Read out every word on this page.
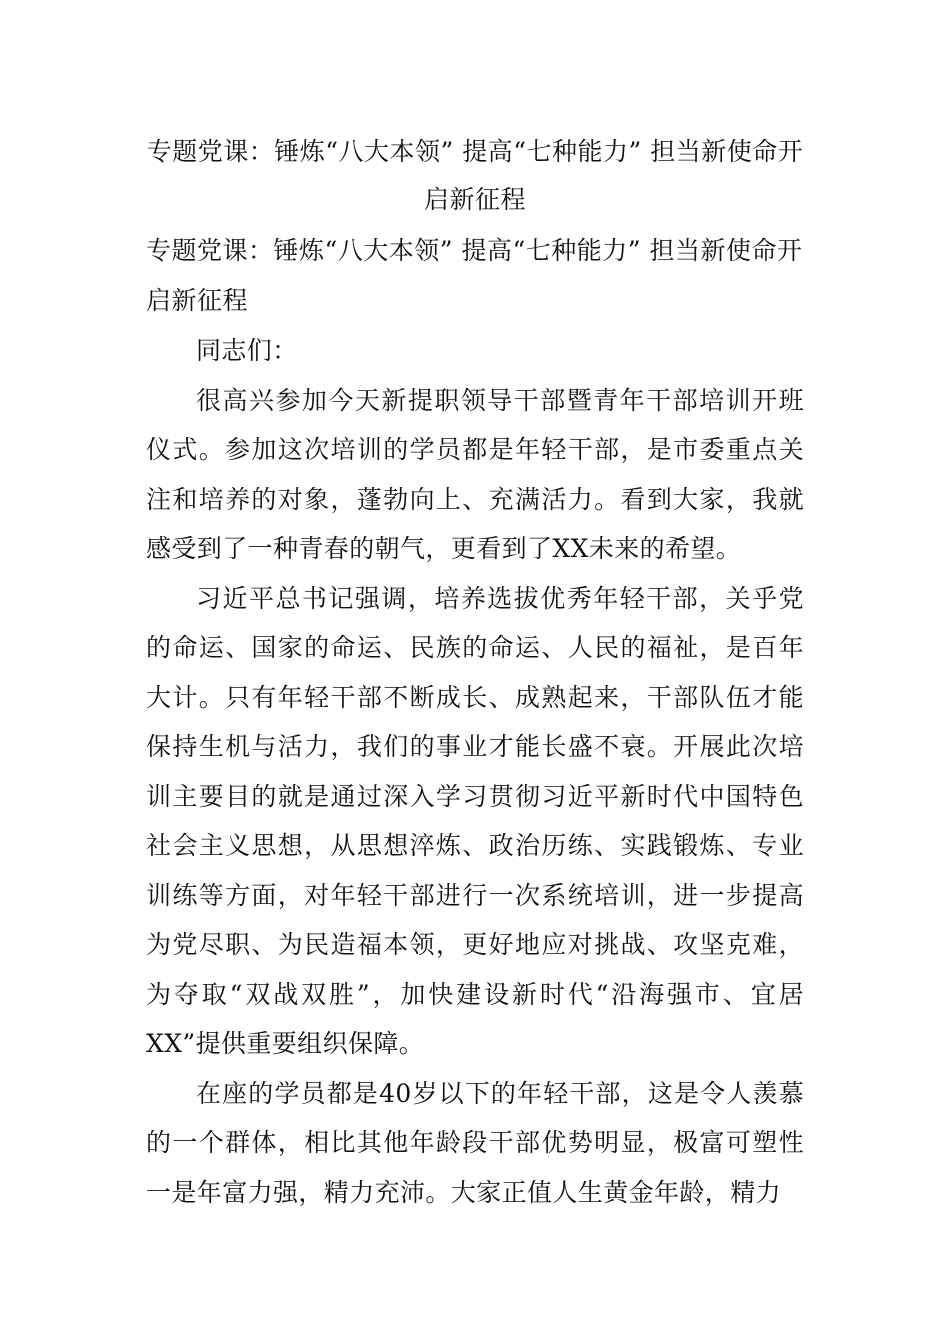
专题党课：锤炼“八大本领” 提高“七种能力” 担当新使命开启新征程

专题党课：锤炼“八大本领” 提高“七种能力” 担当新使命开启新征程

同志们：

很高兴参加今天新提职领导干部暨青年干部培训开班仪式。参加这次培训的学员都是年轻干部，是市委重点关注和培养的对象，蓬勃向上、充满活力。看到大家，我就感受到了一种青春的朝气，更看到了XX未来的希望。

习近平总书记强调，培养选拔优秀年轻干部，关乎党的命运、国家的命运、民族的命运、人民的福祉，是百年大计。只有年轻干部不断成长、成熟起来，干部队伍才能保持生机与活力，我们的事业才能长盛不衰。开展此次培训主要目的就是通过深入学习贯彻习近平新时代中国特色社会主义思想，从思想淬炼、政治历练、实践锻炼、专业训练等方面，对年轻干部进行一次系统培训，进一步提高为党尽职、为民造福本领，更好地应对挑战、攻坚克难，为夺取“双战双胜”，加快建设新时代“沿海强市、宜居XX”提供重要组织保障。

在座的学员都是40岁以下的年轻干部，这是令人羡慕的一个群体，相比其他年龄段干部优势明显，极富可塑性一是年富力强，精力充沛。大家正值人生黄金年龄，精力
